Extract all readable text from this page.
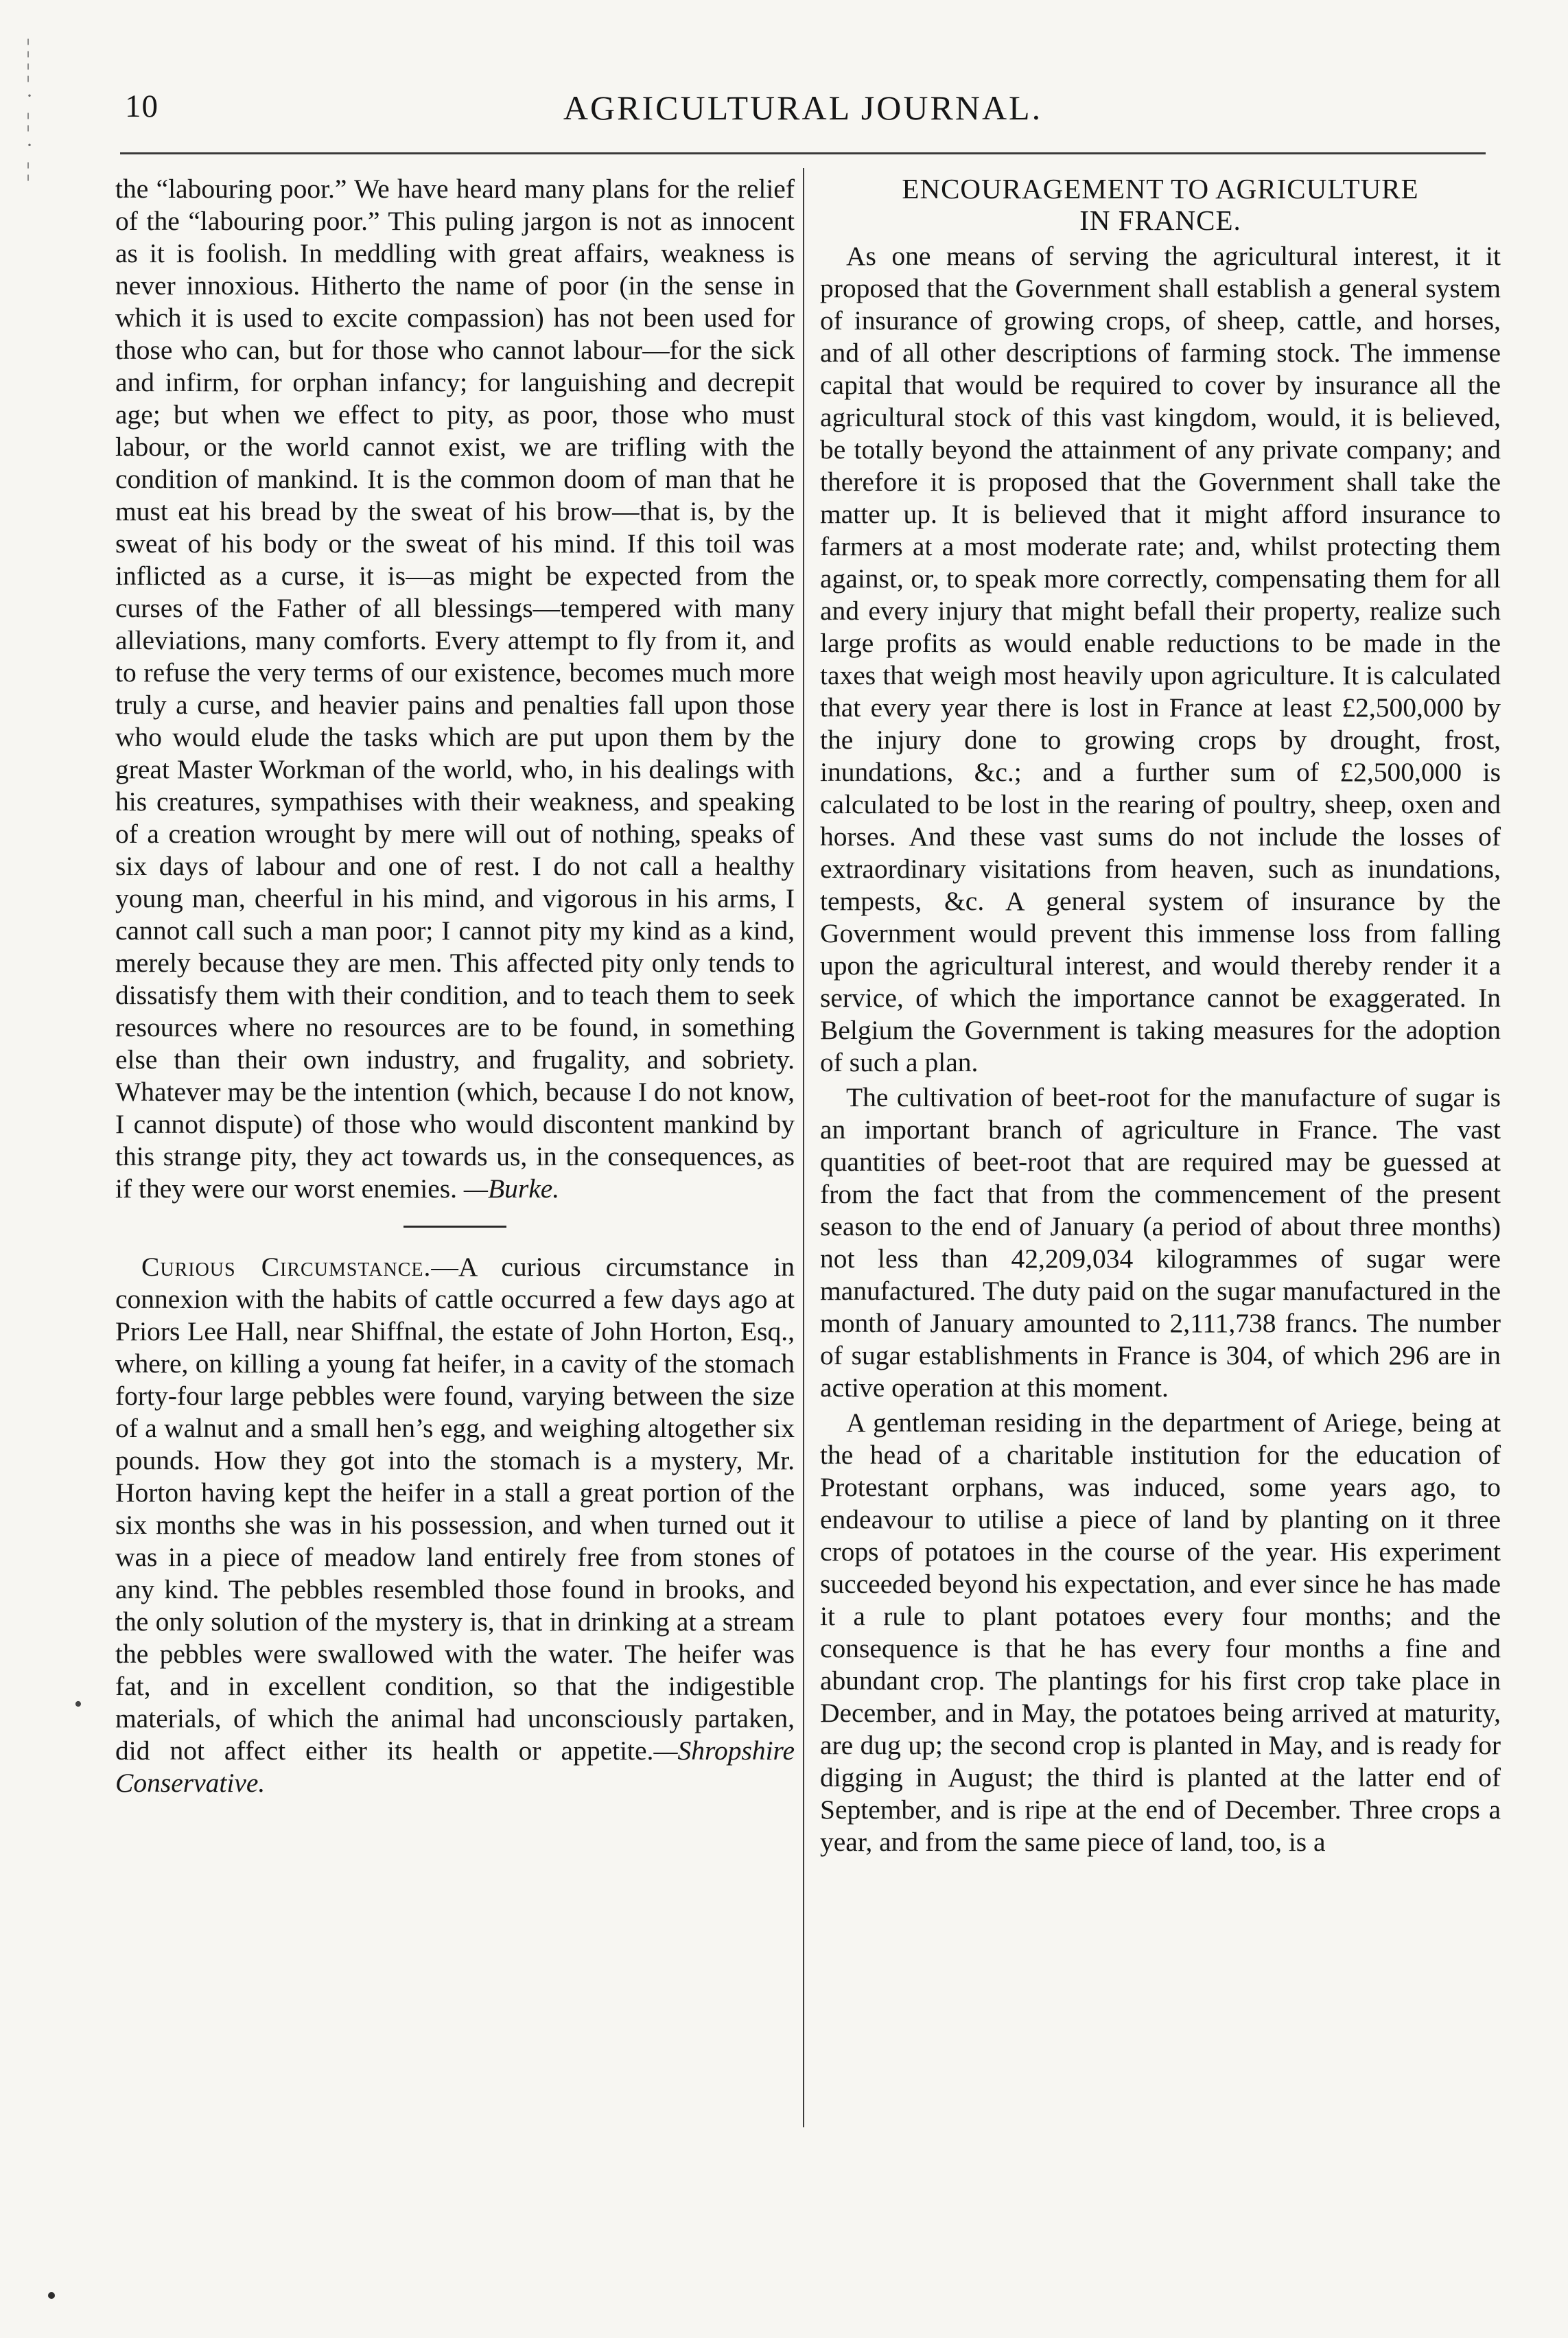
¦
¦
·
¦
·
¦
•
10	AGRICULTURAL JOURNAL.

the “labouring poor.” We have heard many plans for the relief of the “labouring poor.” This puling jargon is not as innocent as it is foolish. In meddling with great affairs, weakness is never innoxious. Hitherto the name of poor (in the sense in which it is used to excite compassion) has not been used for those who can, but for those who cannot labour—for the sick and infirm, for orphan infancy; for languishing and decrepit age; but when we effect to pity, as poor, those who must labour, or the world cannot exist, we are trifling with the condition of mankind. It is the common doom of man that he must eat his bread by the sweat of his brow—that is, by the sweat of his body or the sweat of his mind. If this toil was inflicted as a curse, it is—as might be expected from the curses of the Father of all blessings—tempered with many alleviations, many comforts. Every attempt to fly from it, and to refuse the very terms of our existence, becomes much more truly a curse, and heavier pains and penalties fall upon those who would elude the tasks which are put upon them by the great Master Workman of the world, who, in his dealings with his creatures, sympathises with their weakness, and speaking of a creation wrought by mere will out of nothing, speaks of six days of labour and one of rest. I do not call a healthy young man, cheerful in his mind, and vigorous in his arms, I cannot call such a man poor; I cannot pity my kind as a kind, merely because they are men. This affected pity only tends to dissatisfy them with their condition, and to teach them to seek resources where no resources are to be found, in something else than their own industry, and frugality, and sobriety. Whatever may be the intention (which, because I do not know, I cannot dispute) of those who would discontent mankind by this strange pity, they act towards us, in the consequences, as if they were our worst enemies. —Burke.

Curious Circumstance.—A curious circumstance in connexion with the habits of cattle occurred a few days ago at Priors Lee Hall, near Shiffnal, the estate of John Horton, Esq., where, on killing a young fat heifer, in a cavity of the stomach forty-four large pebbles were found, varying between the size of a walnut and a small hen’s egg, and weighing altogether six pounds. How they got into the stomach is a mystery, Mr. Horton having kept the heifer in a stall a great portion of the six months she was in his possession, and when turned out it was in a piece of meadow land entirely free from stones of any kind. The pebbles resembled those found in brooks, and the only solution of the mystery is, that in drinking at a stream the pebbles were swallowed with the water. The heifer was fat, and in excellent condition, so that the indigestible materials, of which the animal had unconsciously partaken, did not affect either its health or appetite.—Shropshire Conservative.

ENCOURAGEMENT TO AGRICULTURE
IN FRANCE.

As one means of serving the agricultural interest, it it proposed that the Government shall establish a general system of insurance of growing crops, of sheep, cattle, and horses, and of all other descriptions of farming stock. The immense capital that would be required to cover by insurance all the agricultural stock of this vast kingdom, would, it is believed, be totally beyond the attainment of any private company; and therefore it is proposed that the Government shall take the matter up. It is believed that it might afford insurance to farmers at a most moderate rate; and, whilst protecting them against, or, to speak more correctly, compensating them for all and every injury that might befall their property, realize such large profits as would enable reductions to be made in the taxes that weigh most heavily upon agriculture. It is calculated that every year there is lost in France at least £2,500,000 by the injury done to growing crops by drought, frost, inundations, &c.; and a further sum of £2,500,000 is calculated to be lost in the rearing of poultry, sheep, oxen and horses. And these vast sums do not include the losses of extraordinary visitations from heaven, such as inundations, tempests, &c. A general system of insurance by the Government would prevent this immense loss from falling upon the agricultural interest, and would thereby render it a service, of which the importance cannot be exaggerated. In Belgium the Government is taking measures for the adoption of such a plan.

The cultivation of beet-root for the manufacture of sugar is an important branch of agriculture in France. The vast quantities of beet-root that are required may be guessed at from the fact that from the commencement of the present season to the end of January (a period of about three months) not less than 42,209,034 kilogrammes of sugar were manufactured. The duty paid on the sugar manufactured in the month of January amounted to 2,111,738 francs. The number of sugar establishments in France is 304, of which 296 are in active operation at this moment.

A gentleman residing in the department of Ariege, being at the head of a charitable institution for the education of Protestant orphans, was induced, some years ago, to endeavour to utilise a piece of land by planting on it three crops of potatoes in the course of the year. His experiment succeeded beyond his expectation, and ever since he has made it a rule to plant potatoes every four months; and the consequence is that he has every four months a fine and abundant crop. The plantings for his first crop take place in December, and in May, the potatoes being arrived at maturity, are dug up; the second crop is planted in May, and is ready for digging in August; the third is planted at the latter end of September, and is ripe at the end of December. Three crops a year, and from the same piece of land, too, is a
